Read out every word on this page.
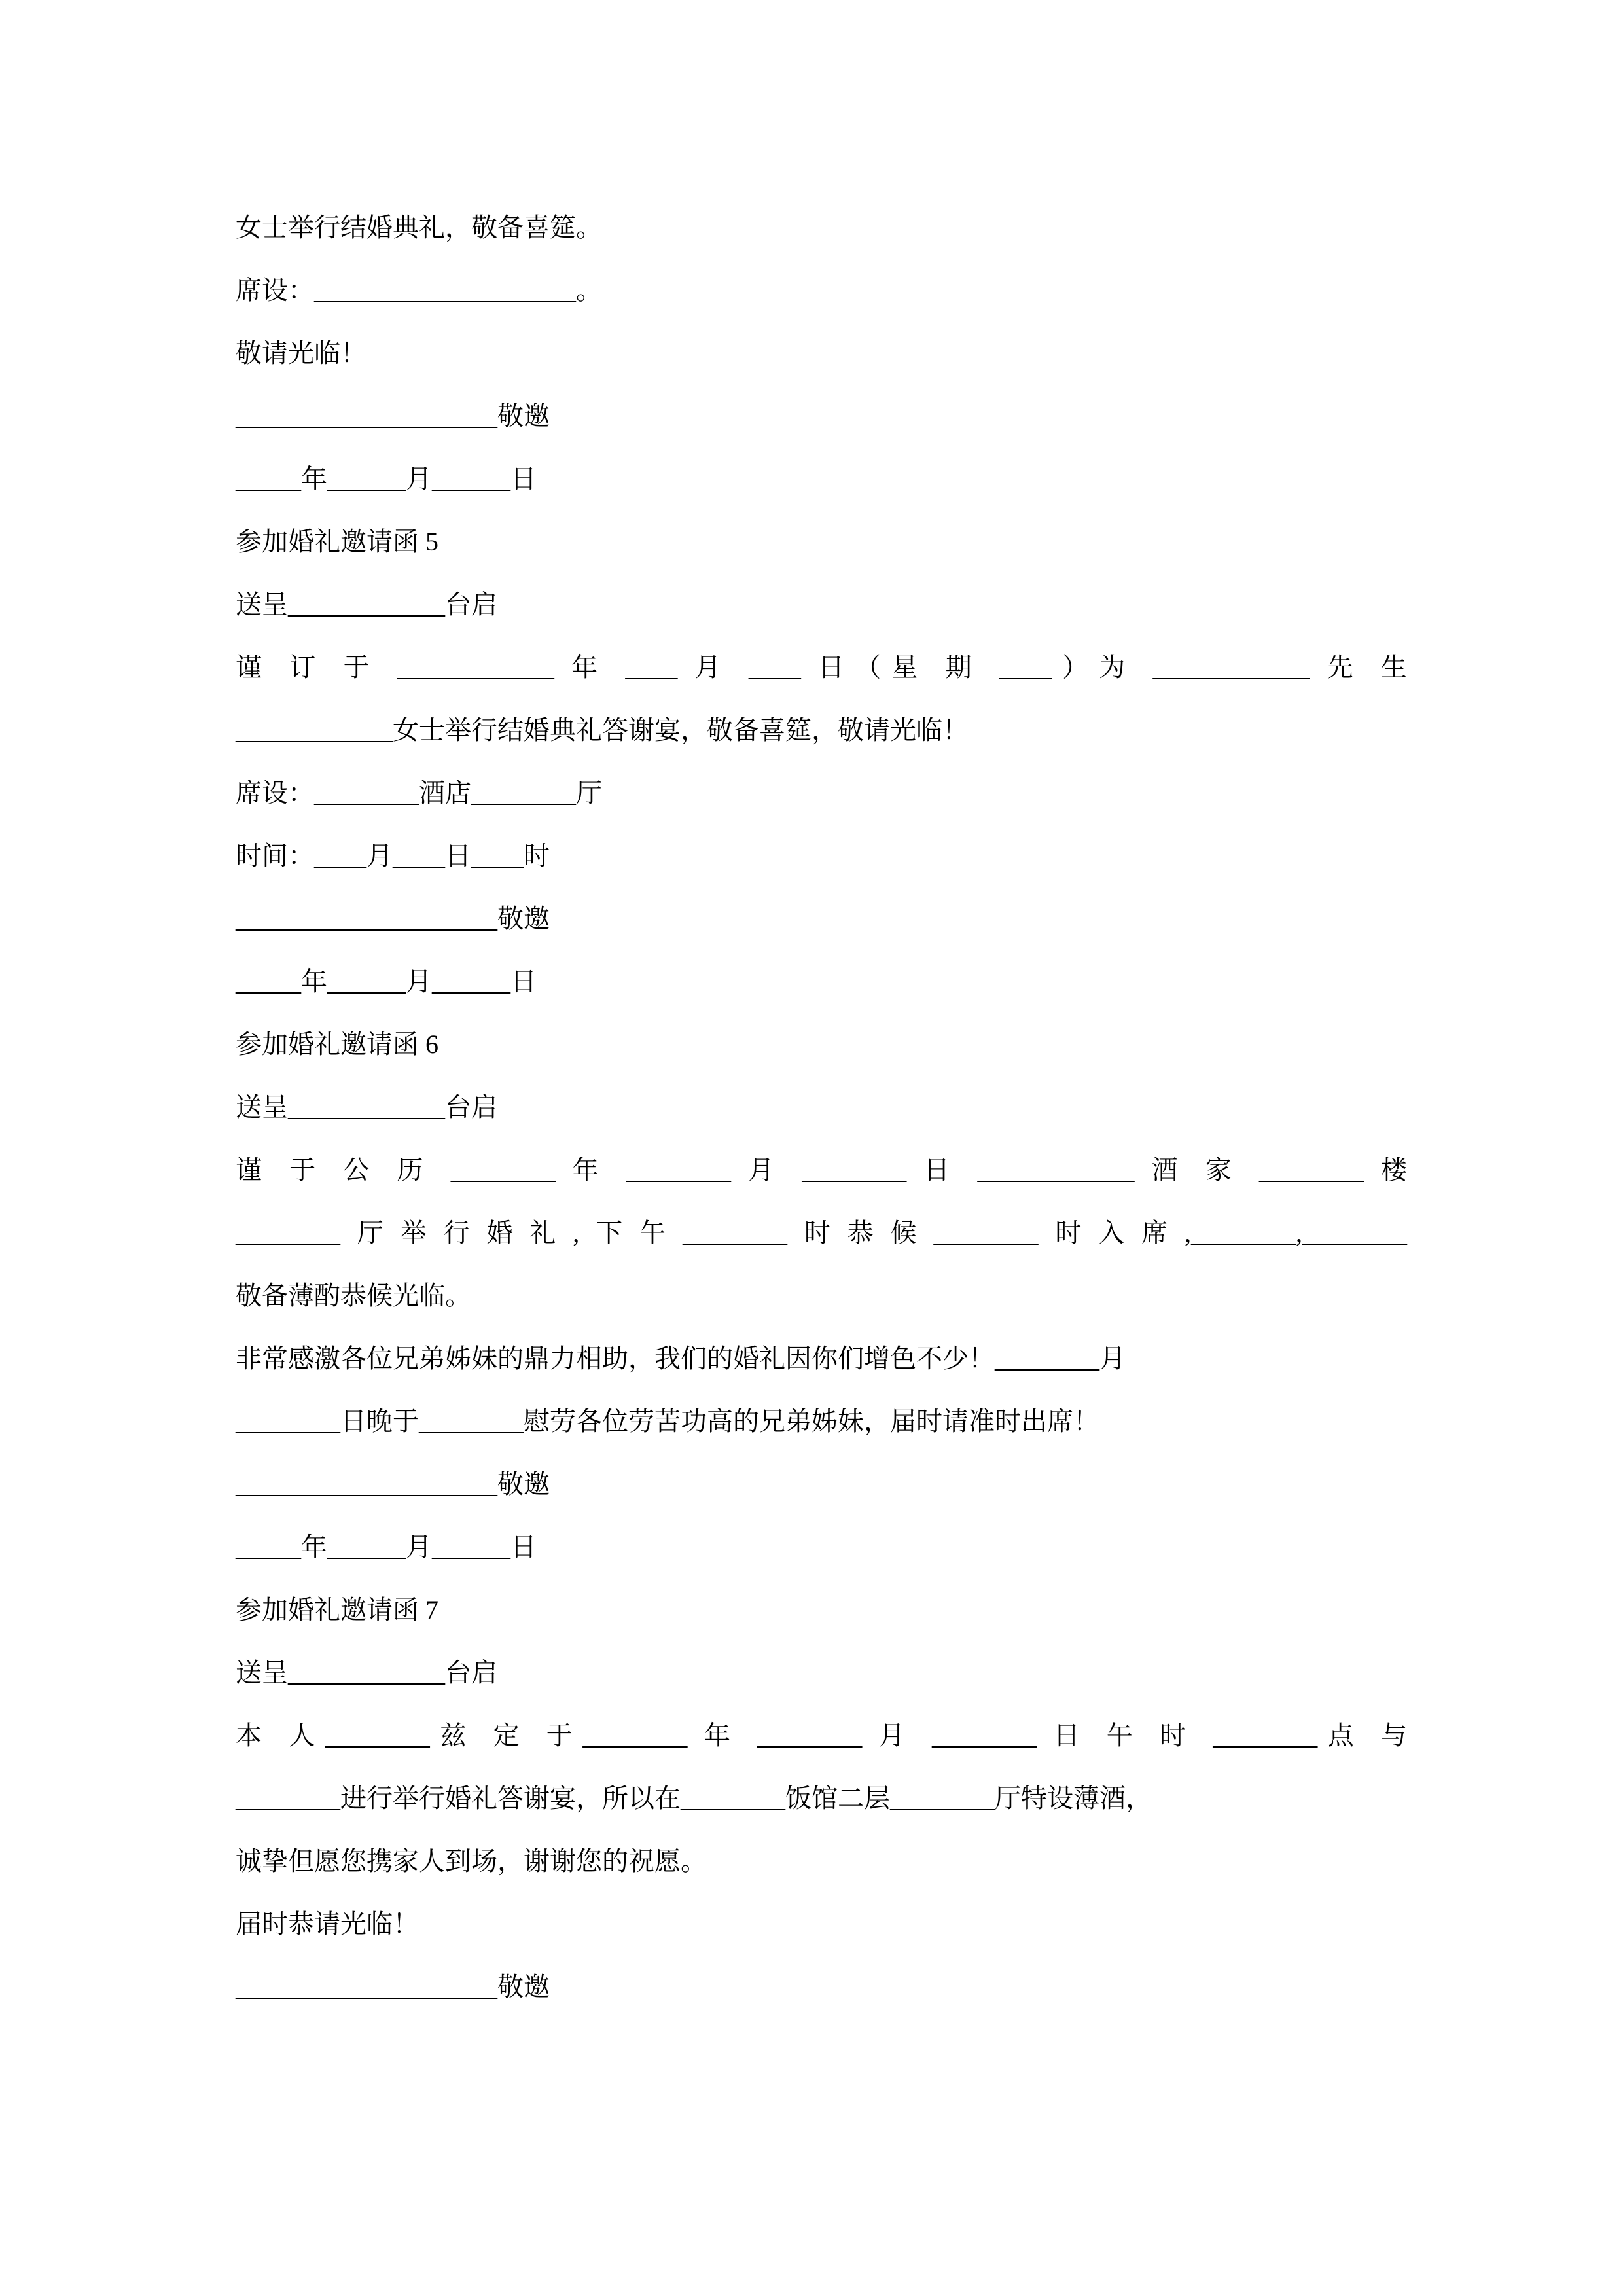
女士举行结婚典礼，敬备喜筵。

席设：____________________。

敬请光临！

____________________敬邀

_____年______月______日

参加婚礼邀请函 5

送呈____________台启

谨 订 于 ____________ 年 ____ 月 ____ 日（星 期 ____）为 ____________ 先 生

____________女士举行结婚典礼答谢宴，敬备喜筵，敬请光临！

席设：________酒店________厅

时间：____月____日____时

____________________敬邀

_____年______月______日

参加婚礼邀请函 6

送呈____________台启

谨 于 公 历 ________ 年 ________ 月 ________ 日 ____________ 酒 家 ________ 楼

________厅举行婚礼,下午________时恭候________时入席,________,________

敬备薄酌恭候光临。

非常感激各位兄弟姊妹的鼎力相助，我们的婚礼因你们增色不少！________月

________日晚于________慰劳各位劳苦功高的兄弟姊妹，届时请准时出席！

____________________敬邀

_____年______月______日

参加婚礼邀请函 7

送呈____________台启

本 人________兹 定 于________ 年 ________ 月 ________ 日 午 时 ________点 与

________进行举行婚礼答谢宴，所以在________饭馆二层________厅特设薄酒，

诚挚但愿您携家人到场，谢谢您的祝愿。

届时恭请光临！

____________________敬邀
